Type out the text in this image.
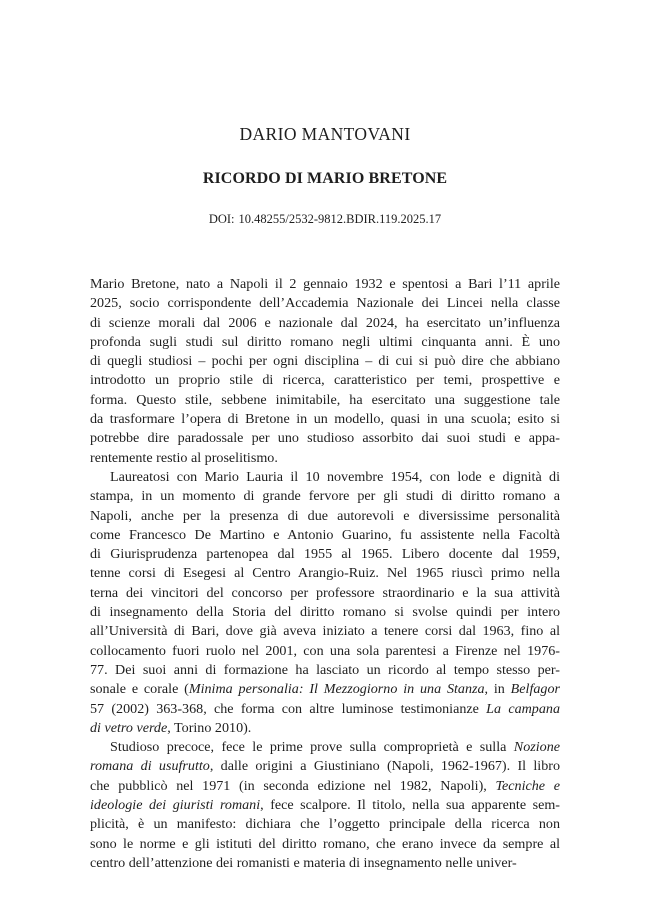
DARIO MANTOVANI
RICORDO DI MARIO BRETONE
DOI: 10.48255/2532-9812.BDIR.119.2025.17
Mario Bretone, nato a Napoli il 2 gennaio 1932 e spentosi a Bari l’11 aprile
2025, socio corrispondente dell’Accademia Nazionale dei Lincei nella classe
di scienze morali dal 2006 e nazionale dal 2024, ha esercitato un’influenza
profonda sugli studi sul diritto romano negli ultimi cinquanta anni. È uno
di quegli studiosi – pochi per ogni disciplina – di cui si può dire che abbiano
introdotto un proprio stile di ricerca, caratteristico per temi, prospettive e
forma. Questo stile, sebbene inimitabile, ha esercitato una suggestione tale
da trasformare l’opera di Bretone in un modello, quasi in una scuola; esito si
potrebbe dire paradossale per uno studioso assorbito dai suoi studi e appa-
rentemente restio al proselitismo.
Laureatosi con Mario Lauria il 10 novembre 1954, con lode e dignità di
stampa, in un momento di grande fervore per gli studi di diritto romano a
Napoli, anche per la presenza di due autorevoli e diversissime personalità
come Francesco De Martino e Antonio Guarino, fu assistente nella Facoltà
di Giurisprudenza partenopea dal 1955 al 1965. Libero docente dal 1959,
tenne corsi di Esegesi al Centro Arangio-Ruiz. Nel 1965 riuscì primo nella
terna dei vincitori del concorso per professore straordinario e la sua attività
di insegnamento della Storia del diritto romano si svolse quindi per intero
all’Università di Bari, dove già aveva iniziato a tenere corsi dal 1963, fino al
collocamento fuori ruolo nel 2001, con una sola parentesi a Firenze nel 1976-
77. Dei suoi anni di formazione ha lasciato un ricordo al tempo stesso per-
sonale e corale (Minima personalia: Il Mezzogiorno in una Stanza, in Belfagor
57 (2002) 363-368, che forma con altre luminose testimonianze La campana
di vetro verde, Torino 2010).
Studioso precoce, fece le prime prove sulla comproprietà e sulla Nozione
romana di usufrutto, dalle origini a Giustiniano (Napoli, 1962-1967). Il libro
che pubblicò nel 1971 (in seconda edizione nel 1982, Napoli), Tecniche e
ideologie dei giuristi romani, fece scalpore. Il titolo, nella sua apparente sem-
plicità, è un manifesto: dichiara che l’oggetto principale della ricerca non
sono le norme e gli istituti del diritto romano, che erano invece da sempre al
centro dell’attenzione dei romanisti e materia di insegnamento nelle univer-
